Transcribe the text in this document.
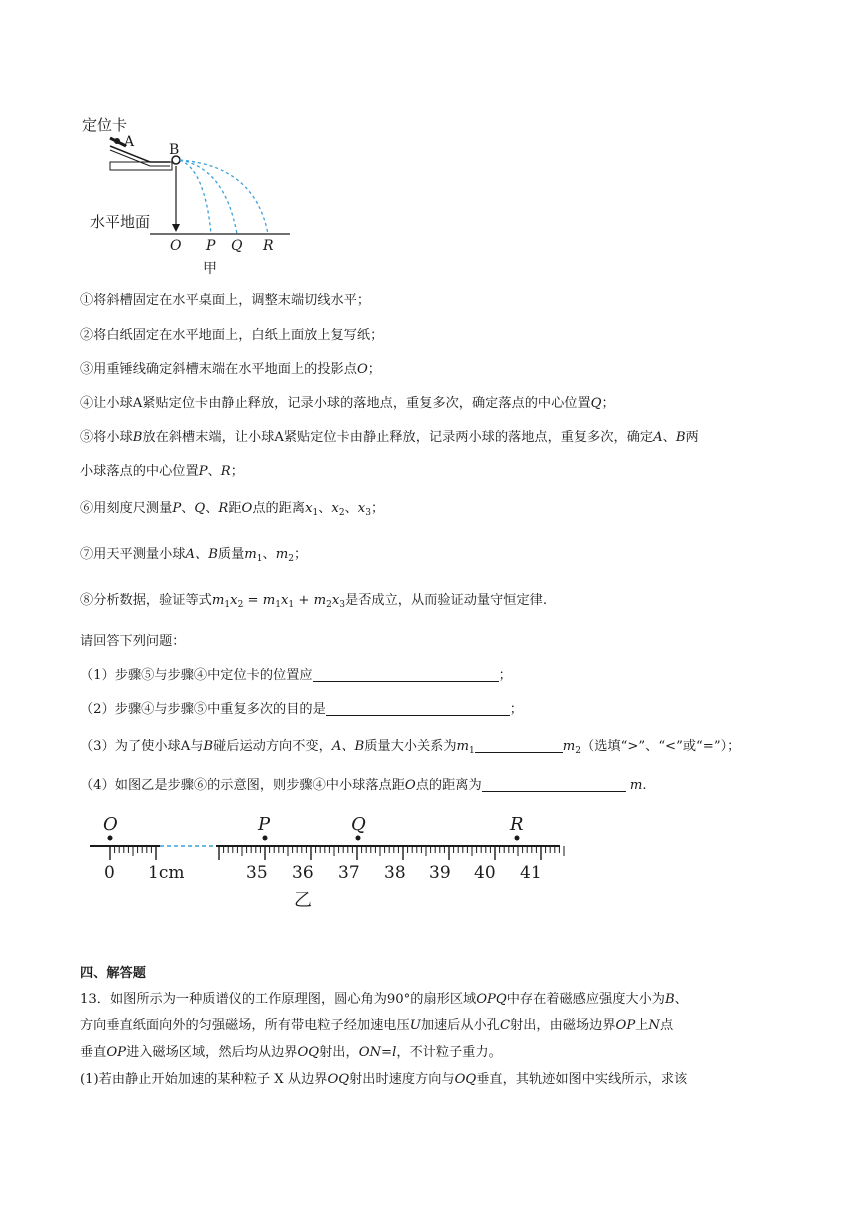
定位卡
A B
水平地面
O P Q R
甲
①将斜槽固定在水平桌面上，调整末端切线水平；
②将白纸固定在水平地面上，白纸上面放上复写纸；
③用重锤线确定斜槽末端在水平地面上的投影点O；
④让小球A紧贴定位卡由静止释放，记录小球的落地点，重复多次，确定落点的中心位置Q；
⑤将小球B放在斜槽末端，让小球A紧贴定位卡由静止释放，记录两小球的落地点，重复多次，确定A、B两
小球落点的中心位置P、R；
⑥用刻度尺测量P、Q、R距O点的距离$x_1$、$x_2$、$x_3$；
⑦用天平测量小球A、B质量$m_1$、$m_2$；
⑧分析数据，验证等式$m_1x_2 = m_1x_1 + m_2x_3$是否成立，从而验证动量守恒定律.
请回答下列问题：
（1）步骤⑤与步骤④中定位卡的位置应	；
（2）步骤④与步骤⑤中重复多次的目的是	；
（3）为了使小球A与B碰后运动方向不变，A、B质量大小关系为$m_1$	$m_2$（选填“>”、“<”或“=”）；
（4）如图乙是步骤⑥的示意图，则步骤④中小球落点距O点的距离为	m.
O	P	Q	R
0 1cm	35 36 37 38 39 40 41
乙
四、解答题
13．如图所示为一种质谱仪的工作原理图，圆心角为90°的扇形区域OPQ中存在着磁感应强度大小为B、
方向垂直纸面向外的匀强磁场，所有带电粒子经加速电压U加速后从小孔C射出，由磁场边界OP上N点
垂直OP进入磁场区域，然后均从边界OQ射出，ON=l，不计粒子重力。
(1)若由静止开始加速的某种粒子 X 从边界OQ射出时速度方向与OQ垂直，其轨迹如图中实线所示，求该
